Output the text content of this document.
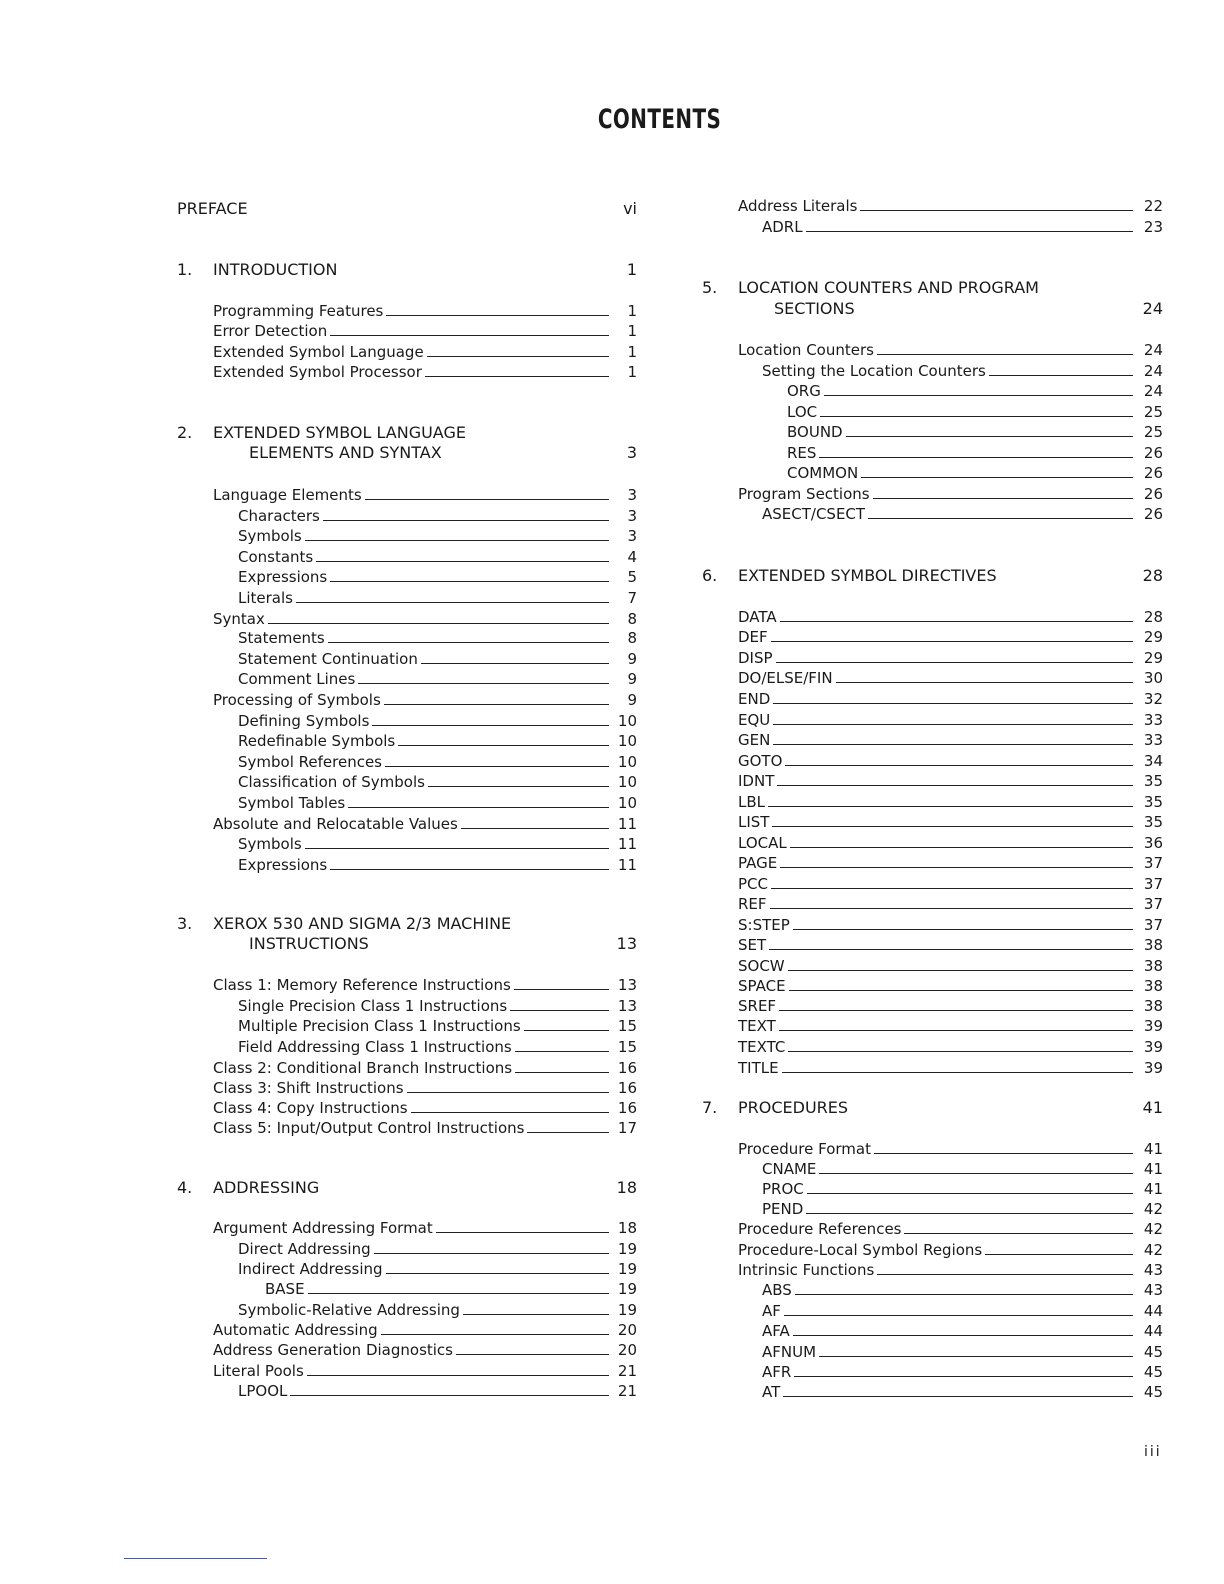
CONTENTS
PREFACE	vi
1. INTRODUCTION	1
Programming Features	1
Error Detection	1
Extended Symbol Language	1
Extended Symbol Processor	1
2. EXTENDED SYMBOL LANGUAGE
ELEMENTS AND SYNTAX	3
Language Elements	3
Characters	3
Symbols	3
Constants	4
Expressions	5
Literals	7
Syntax	8
Statements	8
Statement Continuation	9
Comment Lines	9
Processing of Symbols	9
Defining Symbols	10
Redefinable Symbols	10
Symbol References	10
Classification of Symbols	10
Symbol Tables	10
Absolute and Relocatable Values	11
Symbols	11
Expressions	11
3. XEROX 530 AND SIGMA 2/3 MACHINE
INSTRUCTIONS	13
Class 1: Memory Reference Instructions	13
Single Precision Class 1 Instructions	13
Multiple Precision Class 1 Instructions	15
Field Addressing Class 1 Instructions	15
Class 2: Conditional Branch Instructions	16
Class 3: Shift Instructions	16
Class 4: Copy Instructions	16
Class 5: Input/Output Control Instructions	17
4. ADDRESSING	18
Argument Addressing Format	18
Direct Addressing	19
Indirect Addressing	19
BASE	19
Symbolic-Relative Addressing	19
Automatic Addressing	20
Address Generation Diagnostics	20
Literal Pools	21
LPOOL	21
Address Literals	22
ADRL	23
5. LOCATION COUNTERS AND PROGRAM
SECTIONS	24
Location Counters	24
Setting the Location Counters	24
ORG	24
LOC	25
BOUND	25
RES	26
COMMON	26
Program Sections	26
ASECT/CSECT	26
6. EXTENDED SYMBOL DIRECTIVES	28
DATA	28
DEF	29
DISP	29
DO/ELSE/FIN	30
END	32
EQU	33
GEN	33
GOTO	34
IDNT	35
LBL	35
LIST	35
LOCAL	36
PAGE	37
PCC	37
REF	37
S:STEP	37
SET	38
SOCW	38
SPACE	38
SREF	38
TEXT	39
TEXTC	39
TITLE	39
7. PROCEDURES	41
Procedure Format	41
CNAME	41
PROC	41
PEND	42
Procedure References	42
Procedure-Local Symbol Regions	42
Intrinsic Functions	43
ABS	43
AF	44
AFA	44
AFNUM	45
AFR	45
AT	45
iii
